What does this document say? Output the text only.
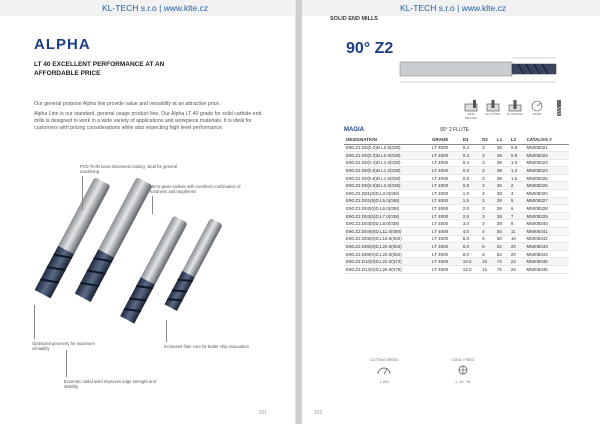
KL-TECH s.r.o | www.klte.cz
ALPHA
LT 40 EXCELLENT PERFORMANCE AT AN AFFORDABLE PRICE

Our general purpose Alpha line provide value and versatility at an attractive price.

Alpha Line is our standard, general usage product line. Our Alpha LT 40 grade for solid carbide end mills is designed to work in a wide variety of applications and workpiece materials. It is ideal for customers with pricing considerations while also expecting high level performance.

PVD TiAlN nano structured coating, ideal for general machining
Micro-grain carbide with excellent combination of hardness and toughness
Optimized geometry for maximum versatility	Increased flute core for better chip evacuation
Eccentric radial relief improves edge strength and stability
151
KL-TECH s.r.o | www.klte.cz
SOLID END MILLS
90° Z2
SIDE MILLING
SLOTTING	PLUNGING	30(38)
MAGIA	90° 2 FLUTE
DESIGNATION	GRADE	D1	D2	L1	L2	CATALOG #
E90.Z2.D0(0.2)D.L0.5(038)	LT 4000	0.2	3	38	0.5	M5008321
E90.Z2.D0(0.3)D.L0.8(038)	LT 4000	0.3	3	38	0.8	M5008322
E90.Z2.D0(0.4)D.L1.0(038)	LT 4000	0.4	3	38	1.0	M5008323
E90.Z2.D0(0.5)D.L1.2(038)	LT 4000	0.5	3	38	1.2	M5008324
E90.Z2.D0(0.6)D.L1.5(038)	LT 4000	0.6	3	38	1.5	M5008325
E90.Z2.D0(0.8)D.L2.0(038)	LT 4000	0.8	3	38	2	M5008326
E90.Z2.D01(0)D.L3.0(038)	LT 4000	1.0	3	38	3	M5008320
E90.Z2.D01(5)D.L5.0(038)	LT 4000	1.5	3	38	5	M5008327
E90.Z2.D02(0)D.L6.0(038)	LT 4000	2.0	3	38	6	M5008328
E90.Z2.D02(5)D.L7.0(038)	LT 4000	2.5	3	38	7	M5008329
E90.Z2.D03(0)D.L8.0(038)	LT 4000	3.0	3	38	8	M5008340
E90.Z2.D04(0)D.L11.0(050)	LT 4000	4.0	4	50	11	M5008341
E90.Z2.D05(0)D.L16.0(050)	LT 4000	5.0	5	50	16	M5008342
E90.Z2.D06(0)D.L20.0(062)	LT 4000	6.0	6	62	20	M5008343
E90.Z2.D08(0)D.L20.0(062)	LT 4000	8.0	8	62	20	M5008344
E90.Z2.D10(0)D.L22.0(072)	LT 4000	10.0	10	72	22	M5008345
E90.Z2.D12(0)D.L26.0(075)	LT 4000	12.0	12	75	26	M5008346
CUTTING SPEED
≥ 200
COOL / FEED
≥ -10 · 30
152
